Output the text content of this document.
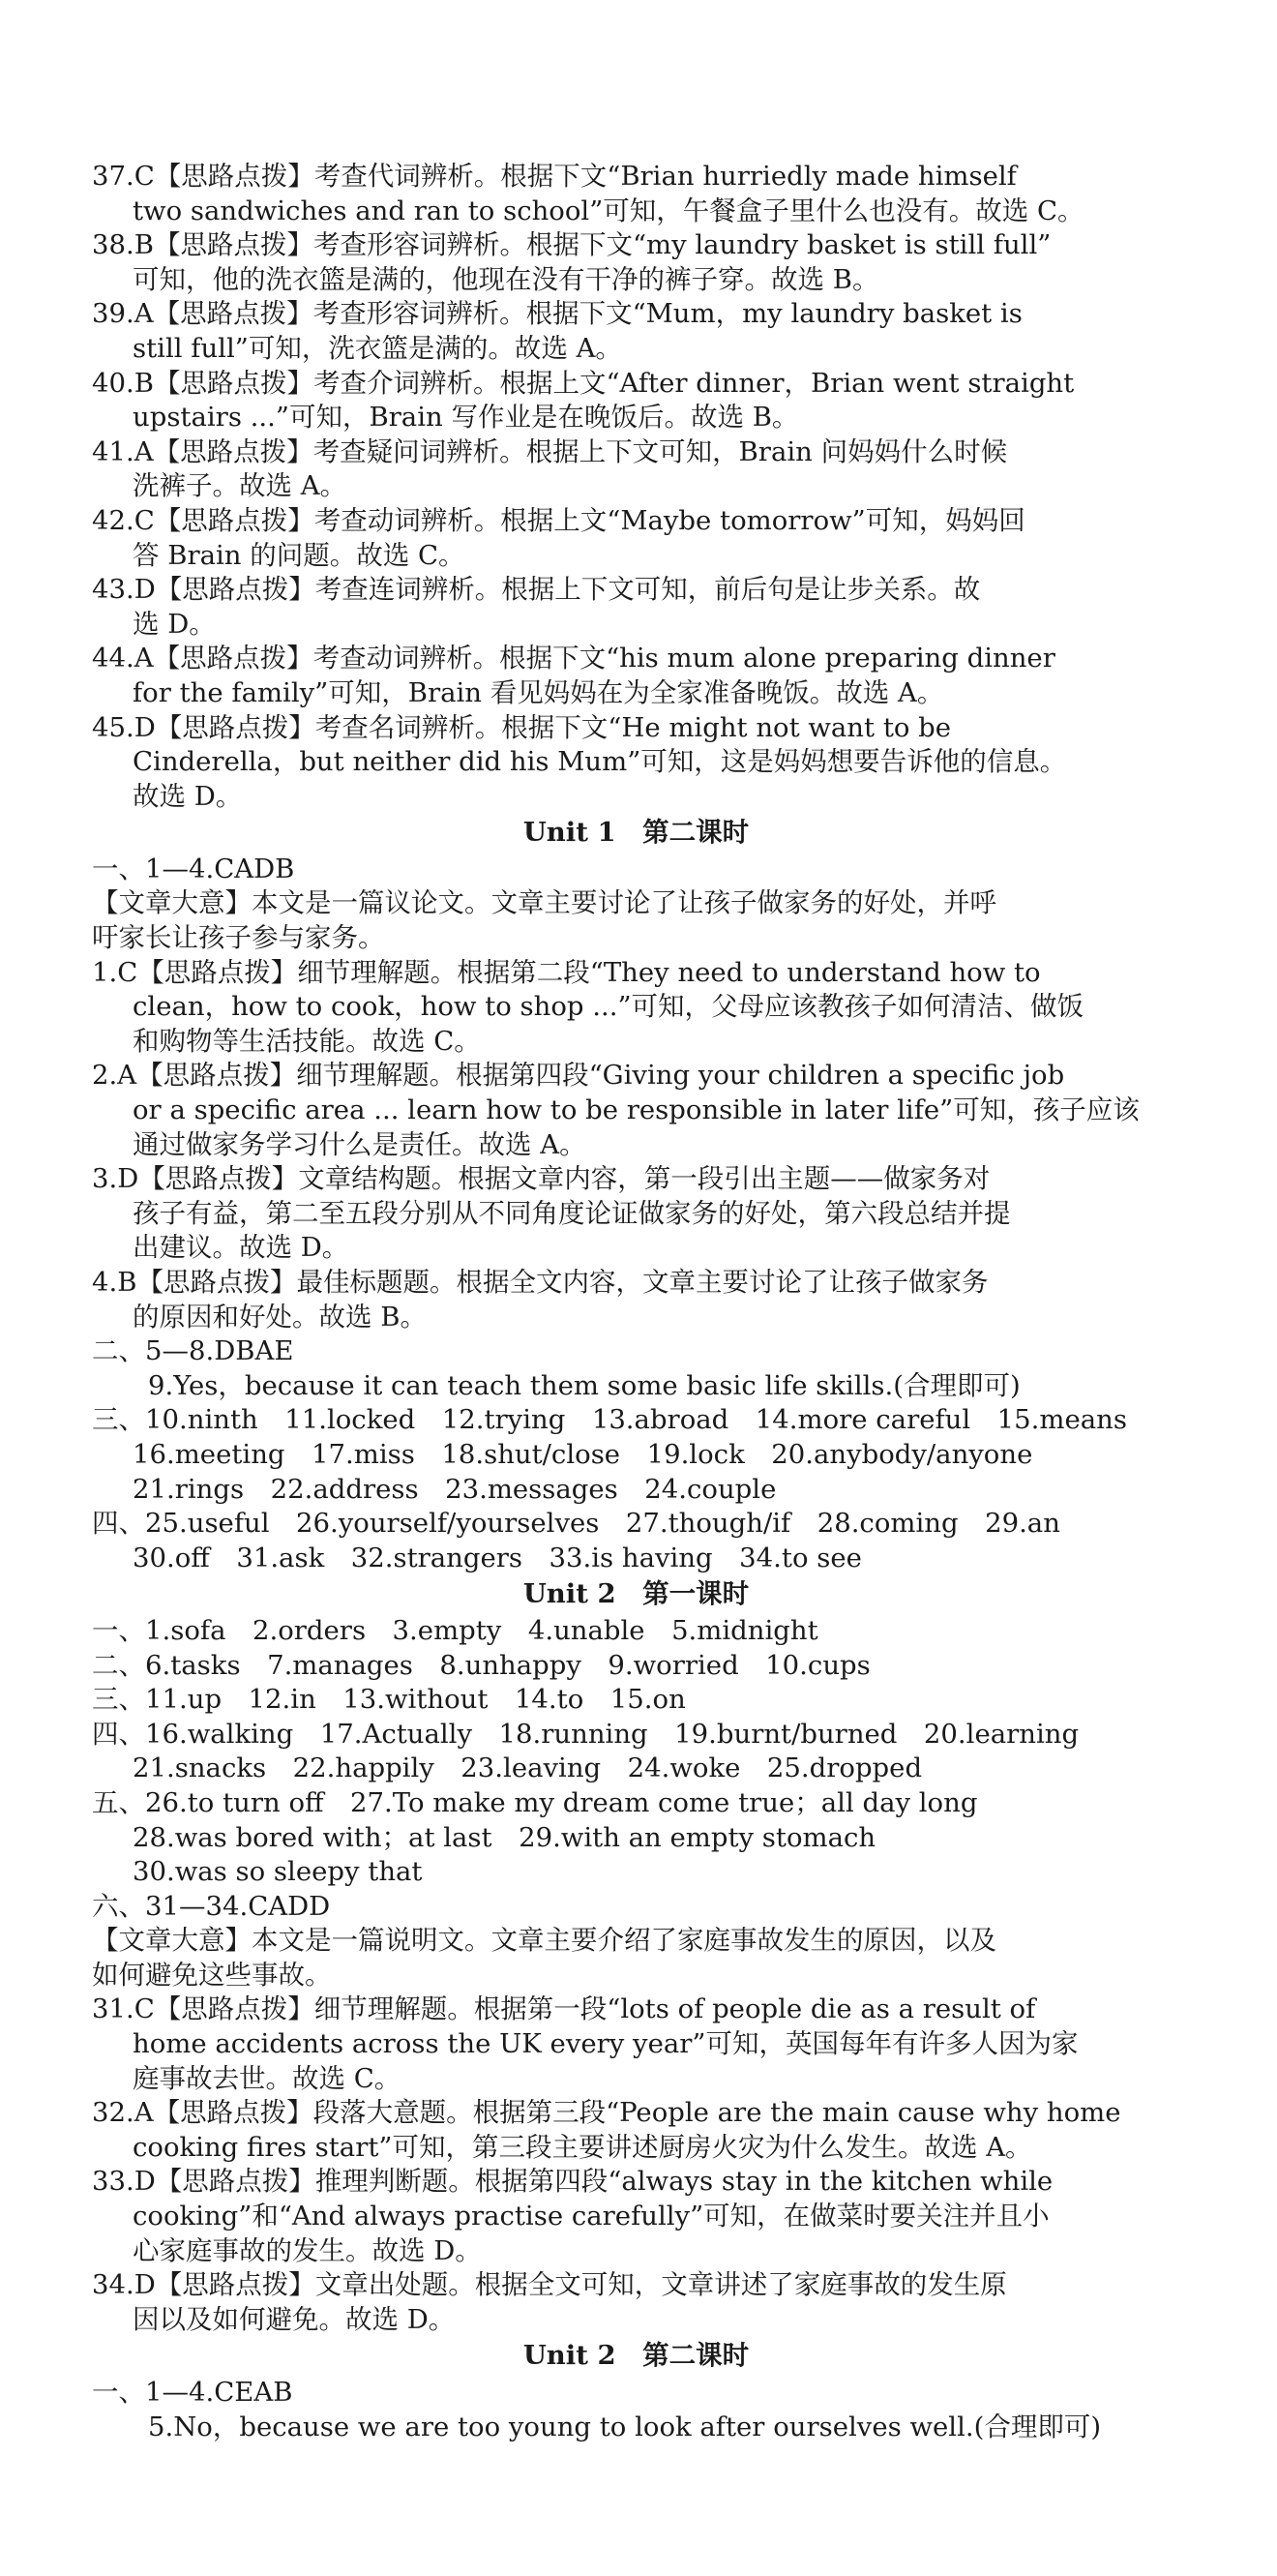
37.C【思路点拨】考查代词辨析。根据下文“Brian hurriedly made himself
two sandwiches and ran to school”可知，午餐盒子里什么也没有。故选 C。
38.B【思路点拨】考查形容词辨析。根据下文“my laundry basket is still full”
可知，他的洗衣篮是满的，他现在没有干净的裤子穿。故选 B。
39.A【思路点拨】考查形容词辨析。根据下文“Mum，my laundry basket is
still full”可知，洗衣篮是满的。故选 A。
40.B【思路点拨】考查介词辨析。根据上文“After dinner，Brian went straight
upstairs ...”可知，Brain 写作业是在晚饭后。故选 B。
41.A【思路点拨】考查疑问词辨析。根据上下文可知，Brain 问妈妈什么时候
洗裤子。故选 A。
42.C【思路点拨】考查动词辨析。根据上文“Maybe tomorrow”可知，妈妈回
答 Brain 的问题。故选 C。
43.D【思路点拨】考查连词辨析。根据上下文可知，前后句是让步关系。故
选 D。
44.A【思路点拨】考查动词辨析。根据下文“his mum alone preparing dinner
for the family”可知，Brain 看见妈妈在为全家准备晚饭。故选 A。
45.D【思路点拨】考查名词辨析。根据下文“He might not want to be
Cinderella，but neither did his Mum”可知，这是妈妈想要告诉他的信息。
故选 D。
Unit 1　第二课时
一、1—4.CADB
【文章大意】本文是一篇议论文。文章主要讨论了让孩子做家务的好处，并呼
吁家长让孩子参与家务。
1.C【思路点拨】细节理解题。根据第二段“They need to understand how to
clean，how to cook，how to shop ...”可知，父母应该教孩子如何清洁、做饭
和购物等生活技能。故选 C。
2.A【思路点拨】细节理解题。根据第四段“Giving your children a specific job
or a specific area ... learn how to be responsible in later life”可知，孩子应该
通过做家务学习什么是责任。故选 A。
3.D【思路点拨】文章结构题。根据文章内容，第一段引出主题——做家务对
孩子有益，第二至五段分别从不同角度论证做家务的好处，第六段总结并提
出建议。故选 D。
4.B【思路点拨】最佳标题题。根据全文内容，文章主要讨论了让孩子做家务
的原因和好处。故选 B。
二、5—8.DBAE
9.Yes，because it can teach them some basic life skills.(合理即可)
三、10.ninth　11.locked　12.trying　13.abroad　14.more careful　15.means
16.meeting　17.miss　18.shut/close　19.lock　20.anybody/anyone
21.rings　22.address　23.messages　24.couple
四、25.useful　26.yourself/yourselves　27.though/if　28.coming　29.an
30.off　31.ask　32.strangers　33.is having　34.to see
Unit 2　第一课时
一、1.sofa　2.orders　3.empty　4.unable　5.midnight
二、6.tasks　7.manages　8.unhappy　9.worried　10.cups
三、11.up　12.in　13.without　14.to　15.on
四、16.walking　17.Actually　18.running　19.burnt/burned　20.learning
21.snacks　22.happily　23.leaving　24.woke　25.dropped
五、26.to turn off　27.To make my dream come true；all day long
28.was bored with；at last　29.with an empty stomach
30.was so sleepy that
六、31—34.CADD
【文章大意】本文是一篇说明文。文章主要介绍了家庭事故发生的原因，以及
如何避免这些事故。
31.C【思路点拨】细节理解题。根据第一段“lots of people die as a result of
home accidents across the UK every year”可知，英国每年有许多人因为家
庭事故去世。故选 C。
32.A【思路点拨】段落大意题。根据第三段“People are the main cause why home
cooking fires start”可知，第三段主要讲述厨房火灾为什么发生。故选 A。
33.D【思路点拨】推理判断题。根据第四段“always stay in the kitchen while
cooking”和“And always practise carefully”可知，在做菜时要关注并且小
心家庭事故的发生。故选 D。
34.D【思路点拨】文章出处题。根据全文可知，文章讲述了家庭事故的发生原
因以及如何避免。故选 D。
Unit 2　第二课时
一、1—4.CEAB
5.No，because we are too young to look after ourselves well.(合理即可)
